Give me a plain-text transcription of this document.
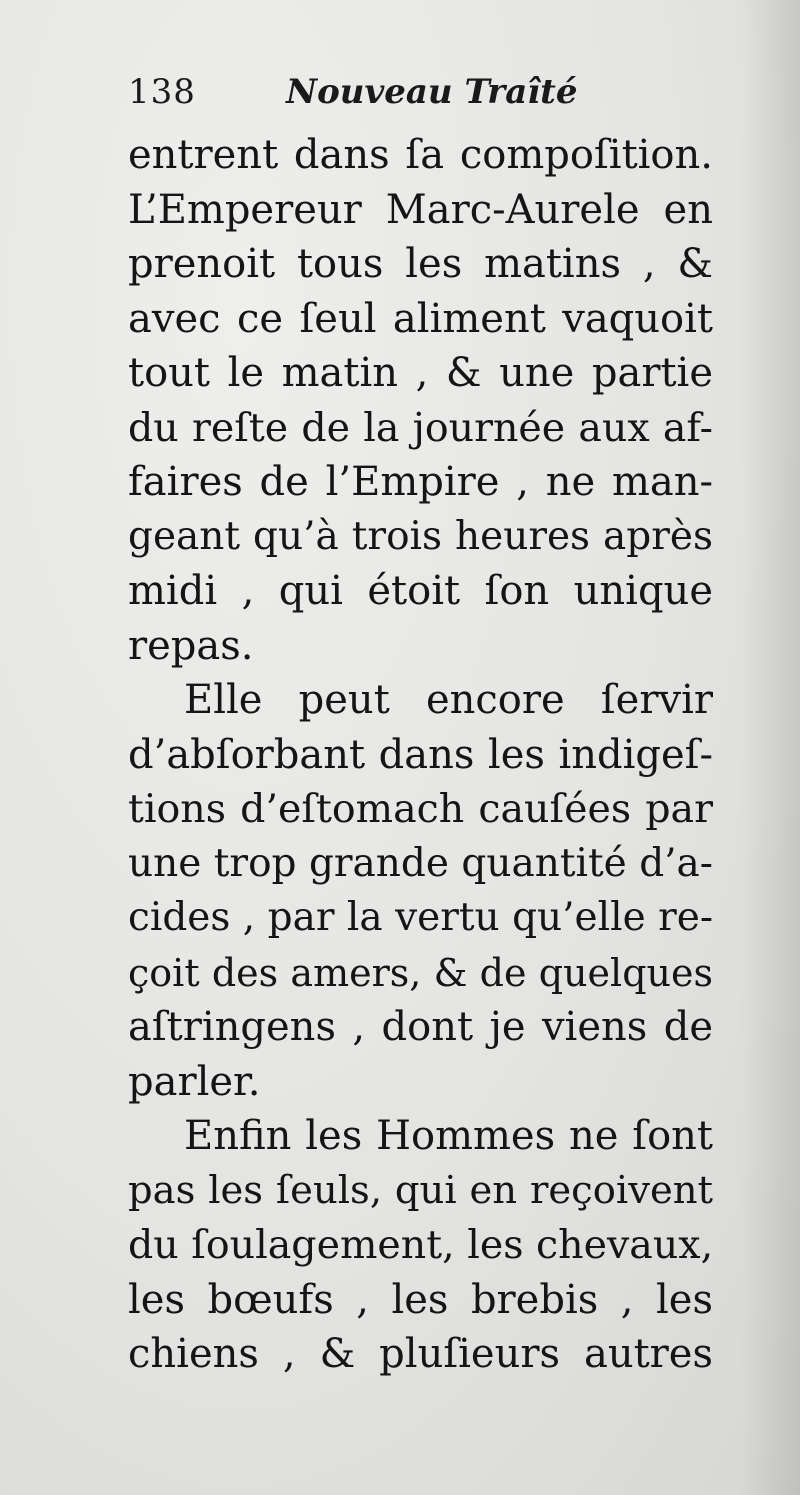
138	Nouveau Traîté
entrent dans ſa compoſition.
L’Empereur Marc-Aurele en
prenoit tous les matins , &
avec ce ſeul aliment vaquoit
tout le matin , & une partie
du reſte de la journée aux af-
faires de l’Empire , ne man-
geant qu’à trois heures après
midi , qui étoit ſon unique
repas.
Elle peut encore ſervir
d’abſorbant dans les indigeſ-
tions d’eſtomach cauſées par
une trop grande quantité d’a-
cides , par la vertu qu’elle re-
çoit des amers, & de quelques
aſtringens , dont je viens de
parler.
Enfin les Hommes ne ſont
pas les ſeuls, qui en reçoivent
du ſoulagement, les chevaux,
les bœufs , les brebis , les
chiens , & pluſieurs autres
